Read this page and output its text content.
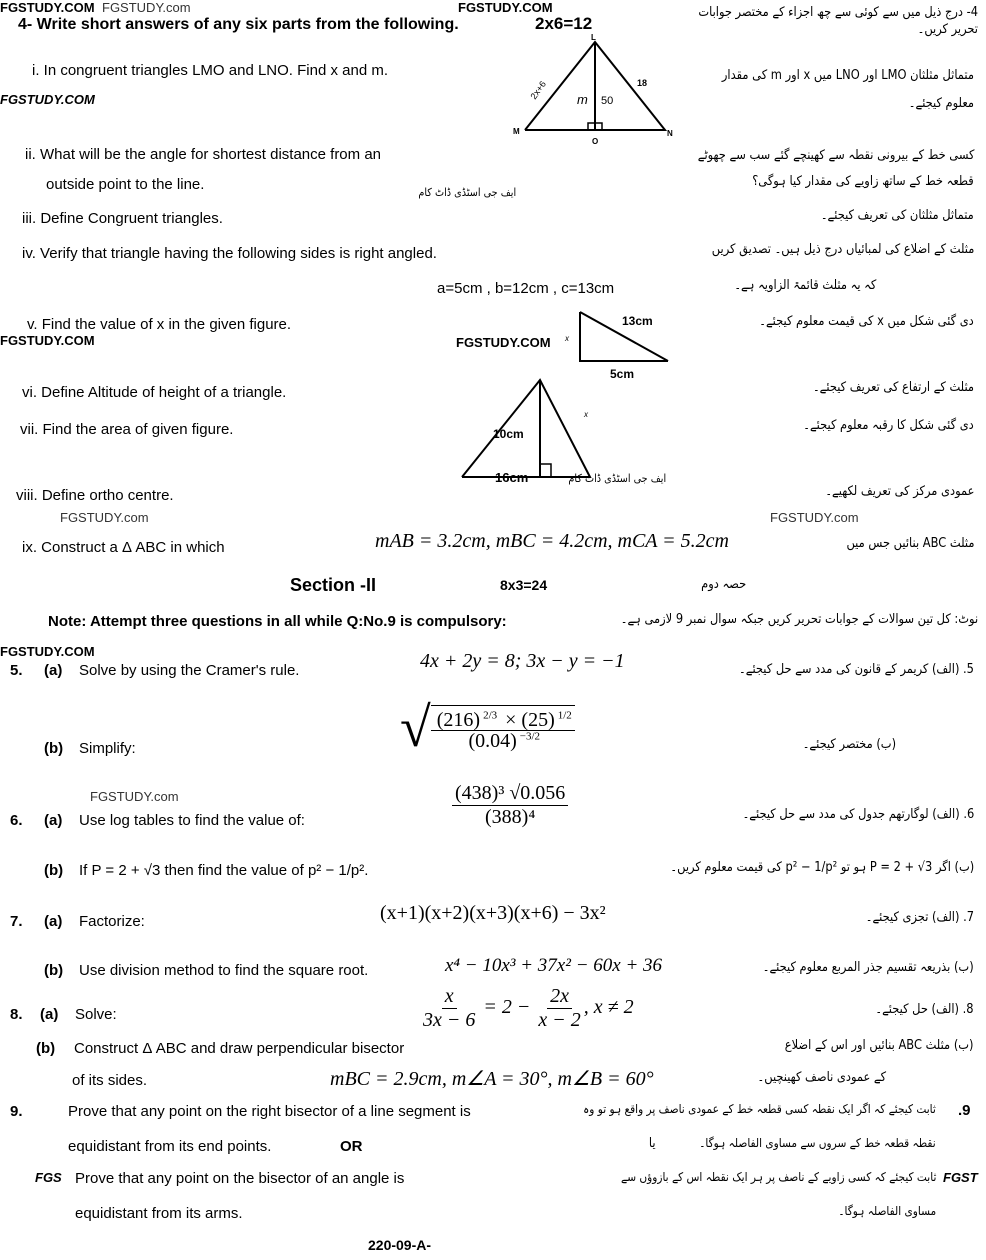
FGSTUDY.COM FGSTUDY.com	FGSTUDY.COM
FGSTUDY.COM
FGSTUDY.COM
FGSTUDY.com
FGSTUDY.COM
FGSTUDY.com
FGSTUDY.com
FGS	FGST
4- Write short answers of any six parts from the following.	2x6=12
4- درج ذیل میں سے کوئی سے چھ اجزاء کے مختصر جوابات تحریر کریں۔
i. In congruent triangles LMO and LNO. Find x and m.	متماثل مثلثان LMO اور LNO میں x اور m کی مقدار معلوم کیجئے۔
ii. What will be the angle for shortest distance from an
outside point to the line.
کسی خط کے بیرونی نقطہ سے کھینچے گئے سب سے چھوٹے
قطعہ خط کے ساتھ زاویے کی مقدار کیا ہوگی؟
ایف جی اسٹڈی ڈاٹ کام
iii. Define Congruent triangles.	متماثل مثلثان کی تعریف کیجئے۔
iv. Verify that triangle having the following sides is right angled.
a=5cm , b=12cm , c=13cm
مثلث کے اضلاع کی لمبائیاں درج ذیل ہیں۔ تصدیق کریں
کہ یہ مثلث قائمۃ الزاویہ ہے۔
v. Find the value of x in the given figure.	دی گئی شکل میں x کی قیمت معلوم کیجئے۔
vi. Define Altitude of height of a triangle.	مثلث کے ارتفاع کی تعریف کیجئے۔
vii. Find the area of given figure.	دی گئی شکل کا رقبہ معلوم کیجئے۔
viii. Define ortho centre.	عمودی مرکز کی تعریف لکھیے۔
ix. Construct a Δ ABC in which	mAB = 3.2cm, mBC = 4.2cm, mCA = 5.2cm	مثلث ABC بنائیں جس میں
L
M	N
O
2x+6	18
m 50
FGSTUDY.COM x
13cm
5cm
10cm
x
16cm	ایف جی اسٹڈی ڈاٹ کام
Section -II	8x3=24	حصہ دوم
Note: Attempt three questions in all while Q:No.9 is compulsory:	نوٹ: کل تین سوالات کے جوابات تحریر کریں جبکہ سوال نمبر 9 لازمی ہے۔
5. (a) Solve by using the Cramer's rule.	4x + 2y = 8; 3x − y = −1	5. (الف) کریمر کے قانون کی مدد سے حل کیجئے۔
(b) Simplify:	√ $\frac{(216) ^{2/3} \times (25) ^{1/2}}{(0.04) ^{-3/2}}$	(ب) مختصر کیجئے۔
6. (a) Use log tables to find the value of:	$\frac{\text{(438)³ √0.056}}{\text{(388)⁴}}$	6. (الف) لوگارتھم جدول کی مدد سے حل کیجئے۔
(b) If P = 2 + √3 then find the value of p² − 1/p².	(ب) اگر P = 2 + √3 ہو تو p² − 1/p² کی قیمت معلوم کریں۔
7. (a) Factorize:	(x+1)(x+2)(x+3)(x+6) − 3x²	7. (الف) تجزی کیجئے۔
(b) Use division method to find the square root.	x⁴ − 10x³ + 37x² − 60x + 36	(ب) بذریعہ تقسیم جذر المربع معلوم کیجئے۔
8. (a) Solve:	$\frac{x}{3x - 6} = 2 - \frac{2x}{x - 2}$ , x ≠ 2	8. (الف) حل کیجئے۔
(b) Construct Δ ABC and draw perpendicular bisector
of its sides.	mBC = 2.9cm, m∠A = 30°, m∠B = 60°
(ب) مثلث ABC بنائیں اور اس کے اضلاع
کے عمودی ناصف کھینچیں۔
9.	Prove that any point on the right bisector of a line segment is
equidistant from its end points.	OR
Prove that any point on the bisector of an angle is
equidistant from its arms.
.9
ثابت کیجئے کہ اگر ایک نقطہ کسی قطعہ خط کے عمودی ناصف پر واقع ہو تو وہ
نقطہ قطعہ خط کے سروں سے مساوی الفاصلہ ہوگا۔
یا
ثابت کیجئے کہ کسی زاویے کے ناصف پر ہر ایک نقطہ اس کے بازوؤں سے
مساوی الفاصلہ ہوگا۔
220-09-A-
